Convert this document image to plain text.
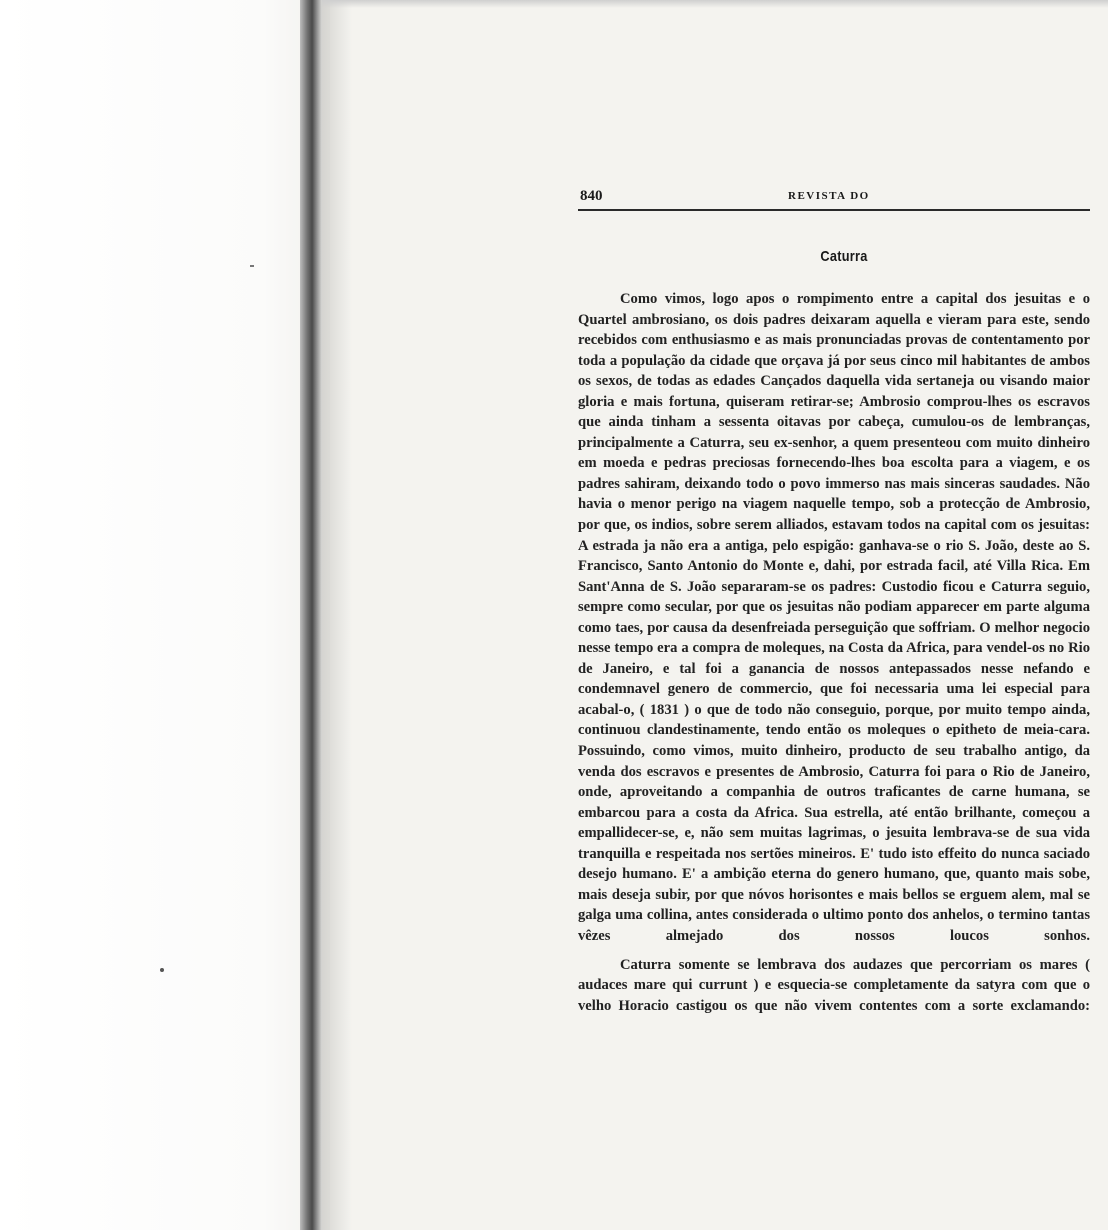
840	REVISTA DO
Caturra

Como vimos, logo apos o rompimento entre a capital dos jesuitas e o Quartel ambrosiano, os dois padres deixaram aquella e vieram para este, sendo recebidos com enthusiasmo e as mais pronunciadas provas de contentamento por toda a população da cidade que orçava já por seus cinco mil habitantes de ambos os sexos, de todas as edades Cançados daquella vida sertaneja ou visando maior gloria e mais fortuna, quiseram retirar-se; Ambrosio comprou-lhes os escravos que ainda tinham a sessenta oitavas por cabeça, cumulou-os de lembranças, principalmente a Caturra, seu ex-senhor, a quem presenteou com muito dinheiro em moeda e pedras preciosas fornecendo-lhes boa escolta para a viagem, e os padres sahiram, deixando todo o povo immerso nas mais sinceras saudades. Não havia o menor perigo na viagem naquelle tempo, sob a protecção de Ambrosio, por que, os indios, sobre serem alliados, estavam todos na capital com os jesuitas: A estrada ja não era a antiga, pelo espigão: ganhava-se o rio S. João, deste ao S. Francisco, Santo Antonio do Monte e, dahi, por estrada facil, até Villa Rica. Em Sant'Anna de S. João separaram-se os padres: Custodio ficou e Caturra seguio, sempre como secular, por que os jesuitas não podiam apparecer em parte alguma como taes, por causa da desenfreiada perseguição que soffriam. O melhor negocio nesse tempo era a compra de moleques, na Costa da Africa, para vendel-os no Rio de Janeiro, e tal foi a ganancia de nossos antepassados nesse nefando e condemnavel genero de commercio, que foi necessaria uma lei especial para acabal-o, ( 1831 ) o que de todo não conseguio, porque, por muito tempo ainda, continuou clandestinamente, tendo então os moleques o epitheto de meia-cara. Possuindo, como vimos, muito dinheiro, producto de seu trabalho antigo, da venda dos escravos e presentes de Ambrosio, Caturra foi para o Rio de Janeiro, onde, aproveitando a companhia de outros traficantes de carne humana, se embarcou para a costa da Africa. Sua estrella, até então brilhante, começou a empallidecer-se, e, não sem muitas lagrimas, o jesuita lembrava-se de sua vida tranquilla e respeitada nos sertões mineiros. E' tudo isto effeito do nunca saciado desejo humano. E' a ambição eterna do genero humano, que, quanto mais sobe, mais deseja subir, por que nóvos horisontes e mais bellos se erguem alem, mal se galga uma collina, antes considerada o ultimo ponto dos anhelos, o termino tantas vêzes almejado dos nossos loucos sonhos.

Caturra somente se lembrava dos audazes que percorriam os mares ( audaces mare qui currunt ) e esquecia-se completamente da satyra com que o velho Horacio castigou os que não vivem contentes com a sorte exclamando:
